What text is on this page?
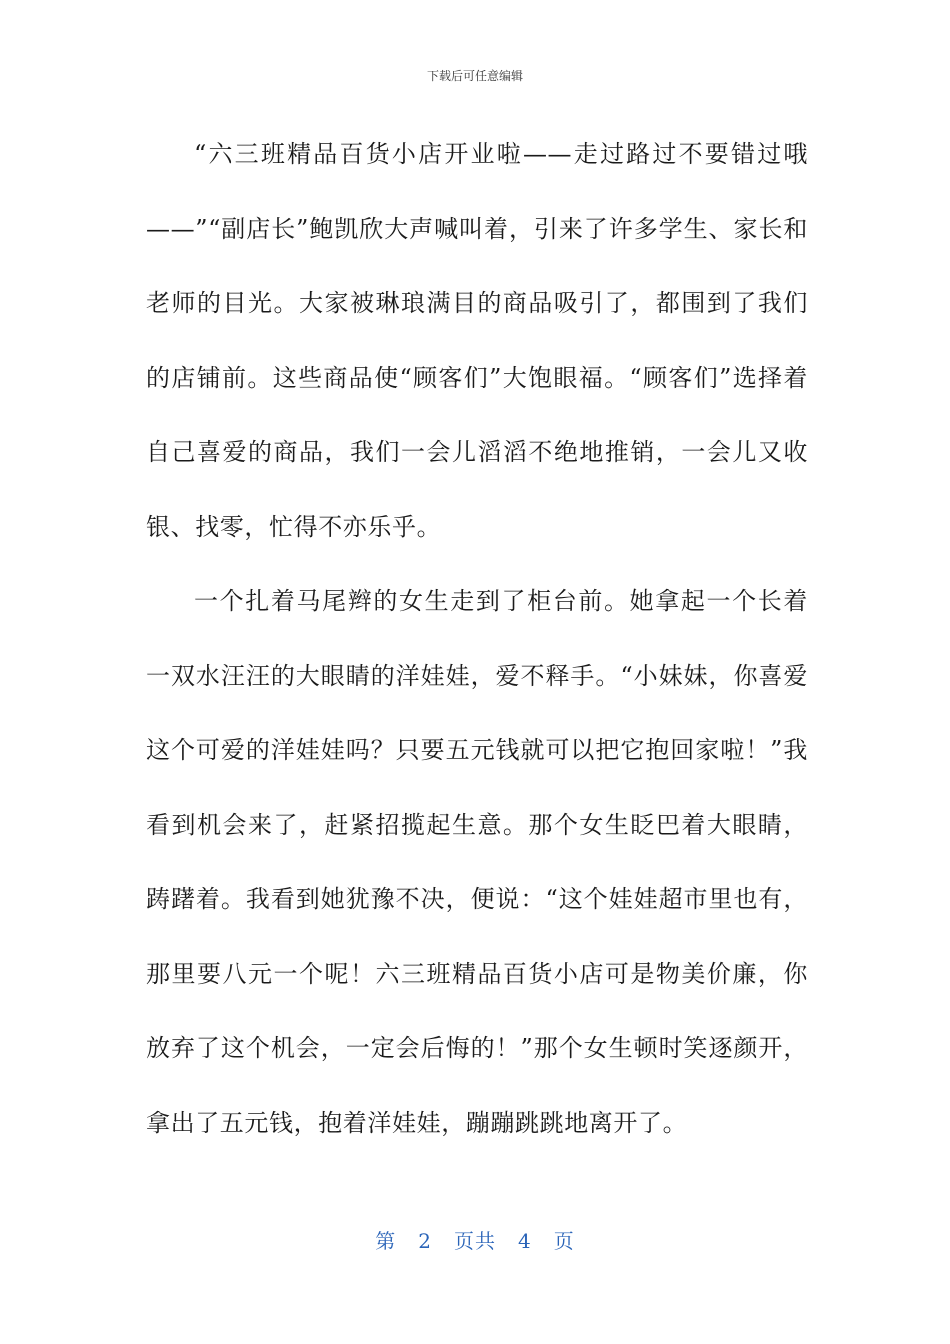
下载后可任意编辑

“六三班精品百货小店开业啦——走过路过不要错过哦——”“副店长”鲍凯欣大声喊叫着，引来了许多学生、家长和老师的目光。大家被琳琅满目的商品吸引了，都围到了我们的店铺前。这些商品使“顾客们”大饱眼福。“顾客们”选择着自己喜爱的商品，我们一会儿滔滔不绝地推销，一会儿又收银、找零，忙得不亦乐乎。

一个扎着马尾辫的女生走到了柜台前。她拿起一个长着一双水汪汪的大眼睛的洋娃娃，爱不释手。“小妹妹，你喜爱这个可爱的洋娃娃吗？只要五元钱就可以把它抱回家啦！”我看到机会来了，赶紧招揽起生意。那个女生眨巴着大眼睛，踌躇着。我看到她犹豫不决，便说：“这个娃娃超市里也有，那里要八元一个呢！六三班精品百货小店可是物美价廉，你放弃了这个机会，一定会后悔的！”那个女生顿时笑逐颜开，拿出了五元钱，抱着洋娃娃，蹦蹦跳跳地离开了。

第 2 页共 4 页
